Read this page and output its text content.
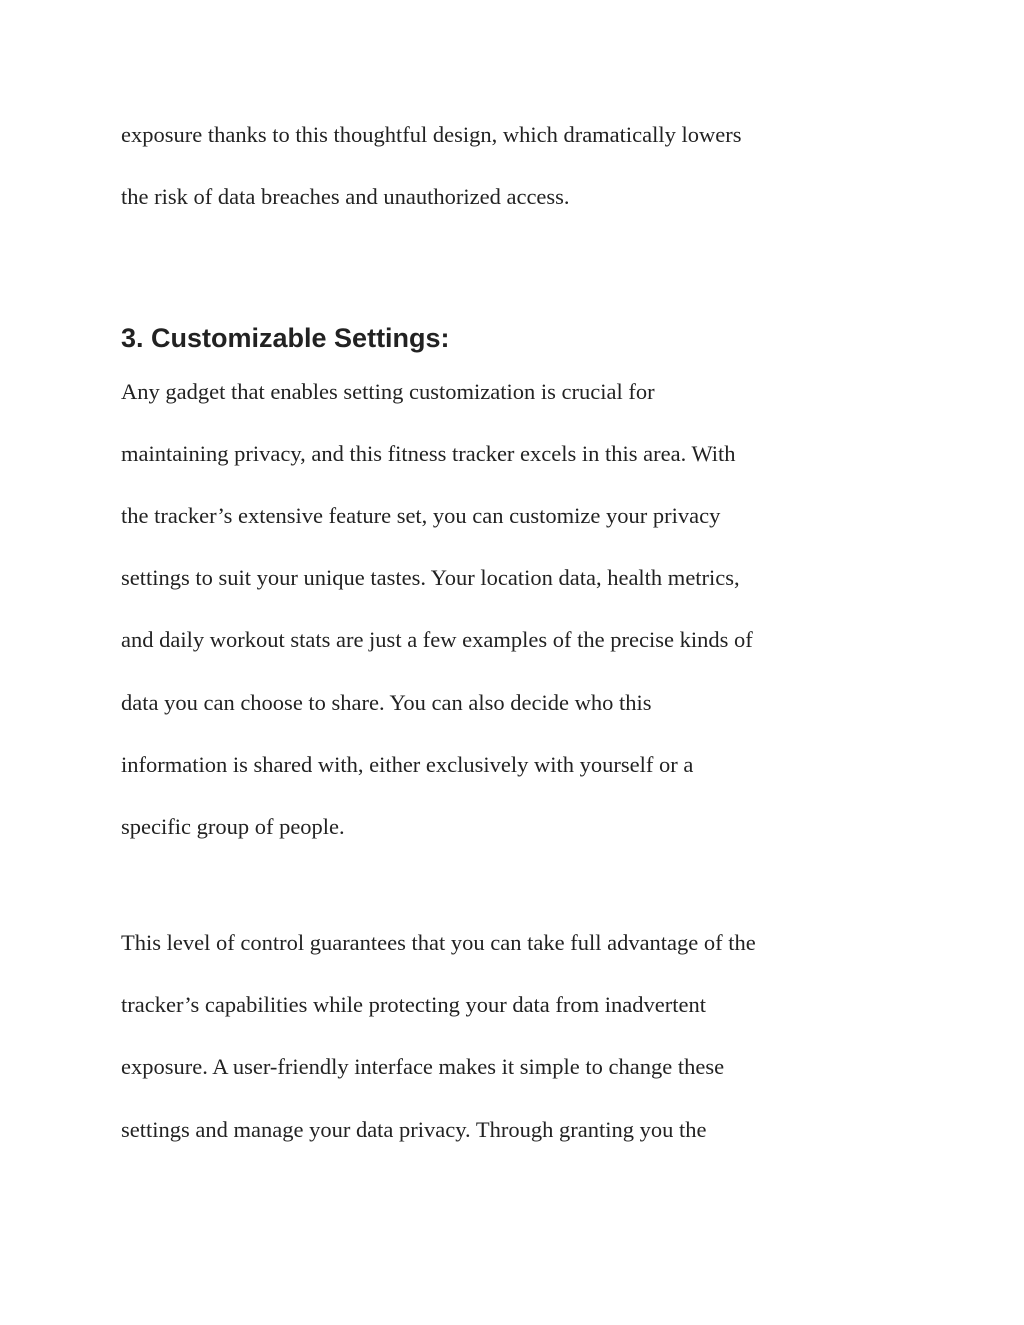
exposure thanks to this thoughtful design, which dramatically lowers

the risk of data breaches and unauthorized access.

3. Customizable Settings:

Any gadget that enables setting customization is crucial for

maintaining privacy, and this fitness tracker excels in this area. With

the tracker’s extensive feature set, you can customize your privacy

settings to suit your unique tastes. Your location data, health metrics,

and daily workout stats are just a few examples of the precise kinds of

data you can choose to share. You can also decide who this

information is shared with, either exclusively with yourself or a

specific group of people.

This level of control guarantees that you can take full advantage of the

tracker’s capabilities while protecting your data from inadvertent

exposure. A user-friendly interface makes it simple to change these

settings and manage your data privacy. Through granting you the
